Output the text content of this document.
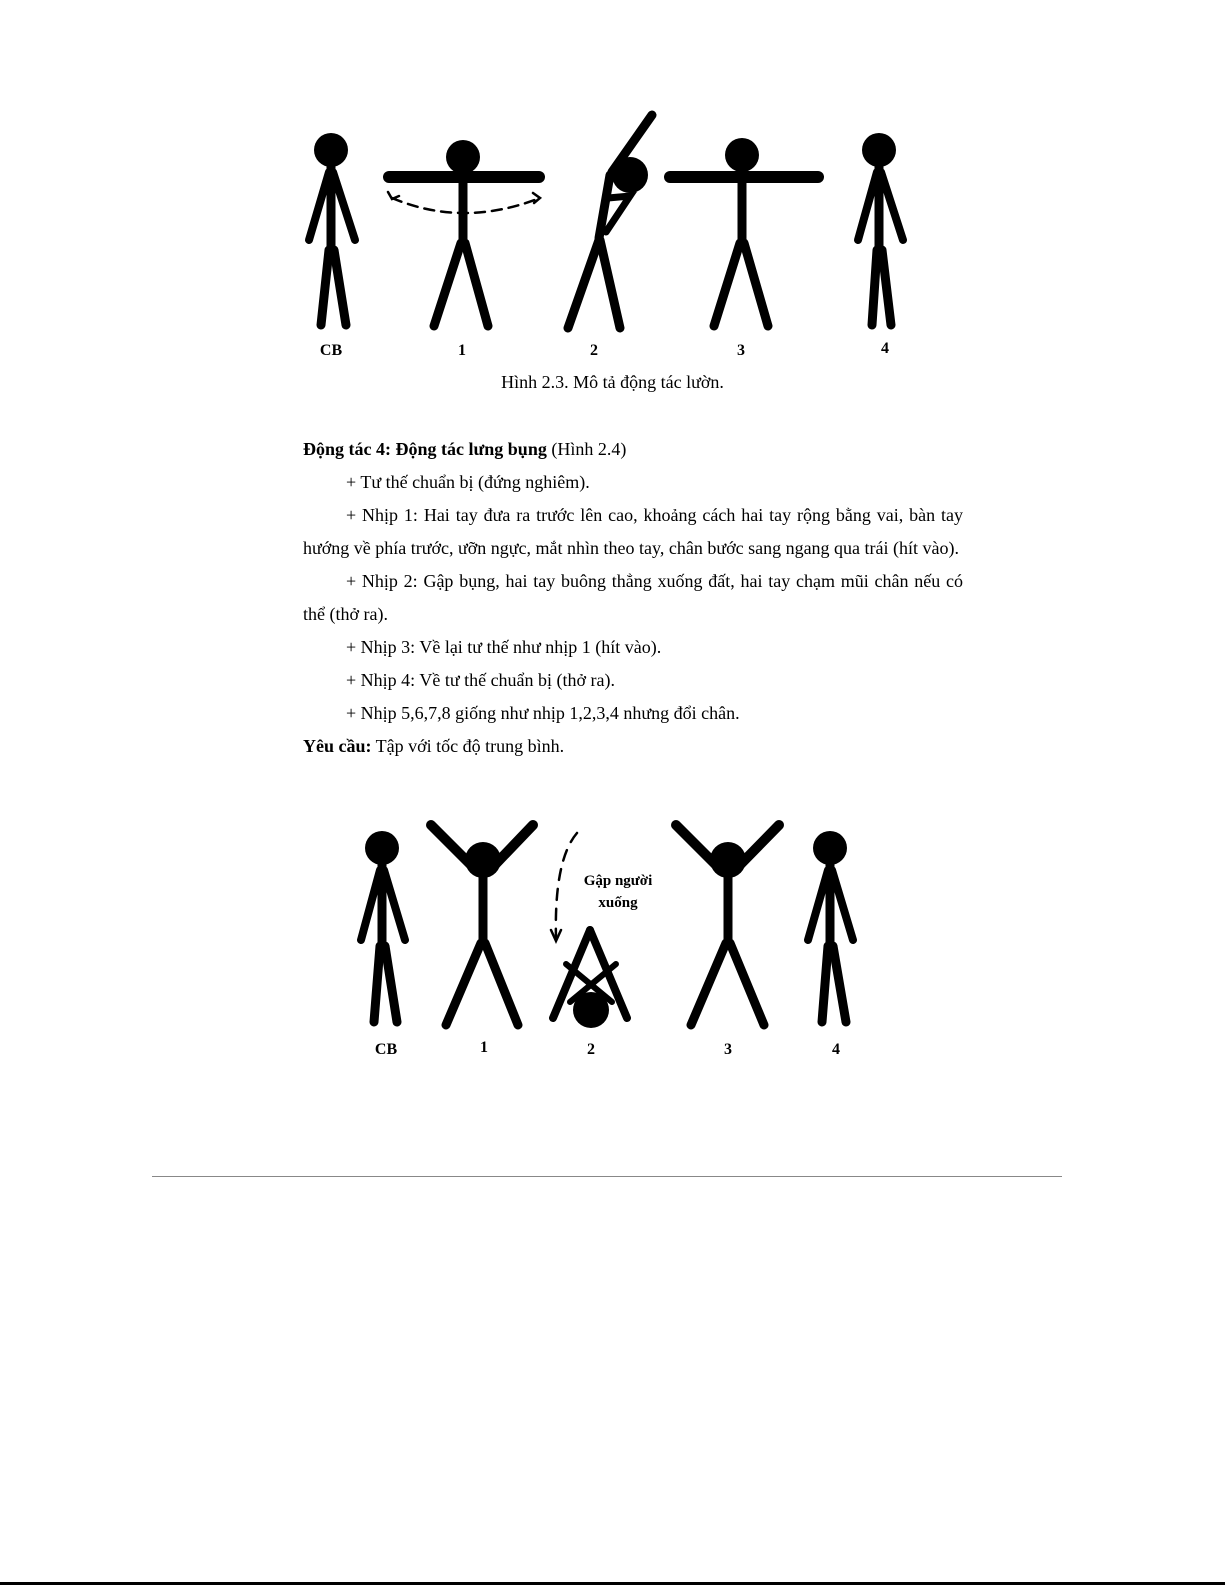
CB	1	2	3	4
Hình 2.3. Mô tả động tác lườn.

Động tác 4: Động tác lưng bụng (Hình 2.4)

+ Tư thế chuẩn bị (đứng nghiêm).

+ Nhịp 1: Hai tay đưa ra trước lên cao, khoảng cách hai tay rộng bằng vai, bàn tay hướng về phía trước, ưỡn ngực, mắt nhìn theo tay, chân bước sang ngang qua trái (hít vào).

+ Nhịp 2: Gập bụng, hai tay buông thẳng xuống đất, hai tay chạm mũi chân nếu có thể (thở ra).

+ Nhịp 3: Về lại tư thế như nhịp 1 (hít vào).

+ Nhịp 4: Về tư thế chuẩn bị (thở ra).

+ Nhịp 5,6,7,8 giống như nhịp 1,2,3,4 nhưng đổi chân.

Yêu cầu: Tập với tốc độ trung bình.

Gập người
xuống
CB	1	2	3	4
